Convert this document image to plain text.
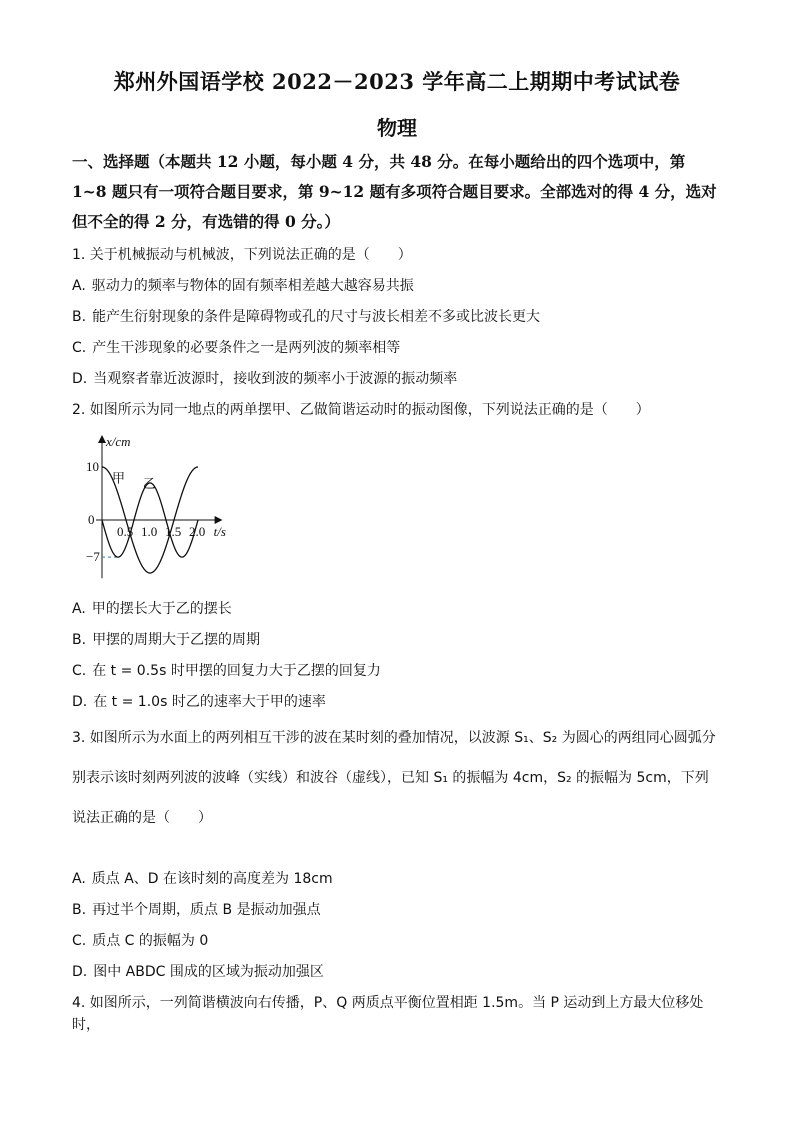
郑州外国语学校 2022－2023 学年高二上期期中考试试卷
物理
一、选择题（本题共 12 小题，每小题 4 分，共 48 分。在每小题给出的四个选项中，第 1~8 题只有一项符合题目要求，第 9~12 题有多项符合题目要求。全部选对的得 4 分，选对但不全的得 2 分，有选错的得 0 分。）
1. 关于机械振动与机械波，下列说法正确的是（　　）
A. 驱动力的频率与物体的固有频率相差越大越容易共振
B. 能产生衍射现象的条件是障碍物或孔的尺寸与波长相差不多或比波长更大
C. 产生干涉现象的必要条件之一是两列波的频率相等
D. 当观察者靠近波源时，接收到波的频率小于波源的振动频率
2. 如图所示为同一地点的两单摆甲、乙做简谐运动时的振动图像，下列说法正确的是（　　）
x/cm
t/s
0.5 1.0 1.5 2.0
10
0
−7
甲 乙
A. 甲的摆长大于乙的摆长
B. 甲摆的周期大于乙摆的周期
C. 在 t = 0.5s 时甲摆的回复力大于乙摆的回复力
D. 在 t = 1.0s 时乙的速率大于甲的速率
3. 如图所示为水面上的两列相互干涉的波在某时刻的叠加情况，以波源 S₁、S₂ 为圆心的两组同心圆弧分别表示该时刻两列波的波峰（实线）和波谷（虚线），已知 S₁ 的振幅为 4cm，S₂ 的振幅为 5cm，下列说法正确的是（　　）
A. 质点 A、D 在该时刻的高度差为 18cm
B. 再过半个周期，质点 B 是振动加强点
C. 质点 C 的振幅为 0
D. 图中 ABDC 围成的区域为振动加强区
4. 如图所示，一列简谐横波向右传播，P、Q 两质点平衡位置相距 1.5m。当 P 运动到上方最大位移处时，
